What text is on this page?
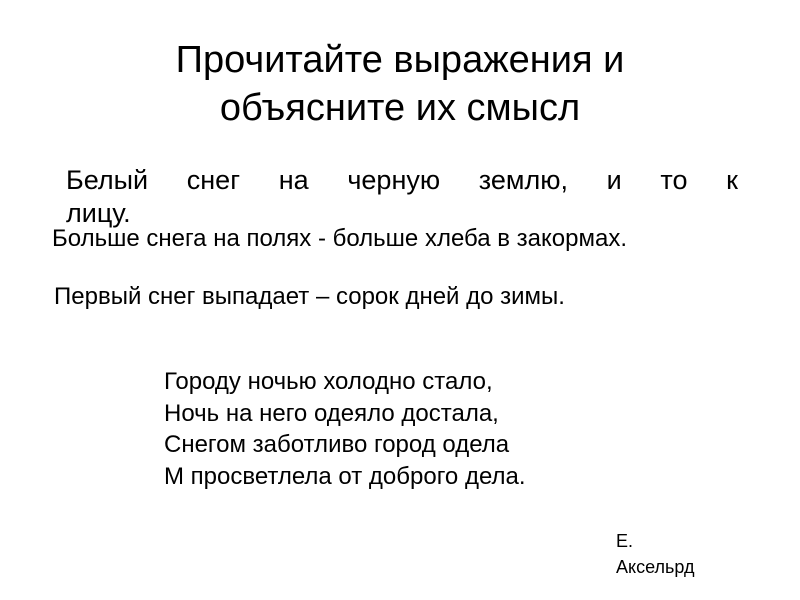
Прочитайте выражения и
объясните их смысл

Белый снег на черную землю, и то к

лицу.

Больше снега на полях - больше хлеба в закормах.

Первый снег выпадает – сорок дней до зимы.

Городу ночью холодно стало,
Ночь на него одеяло достала,
Снегом заботливо город одела
М просветлела от доброго дела.
Е.
Аксельрд
